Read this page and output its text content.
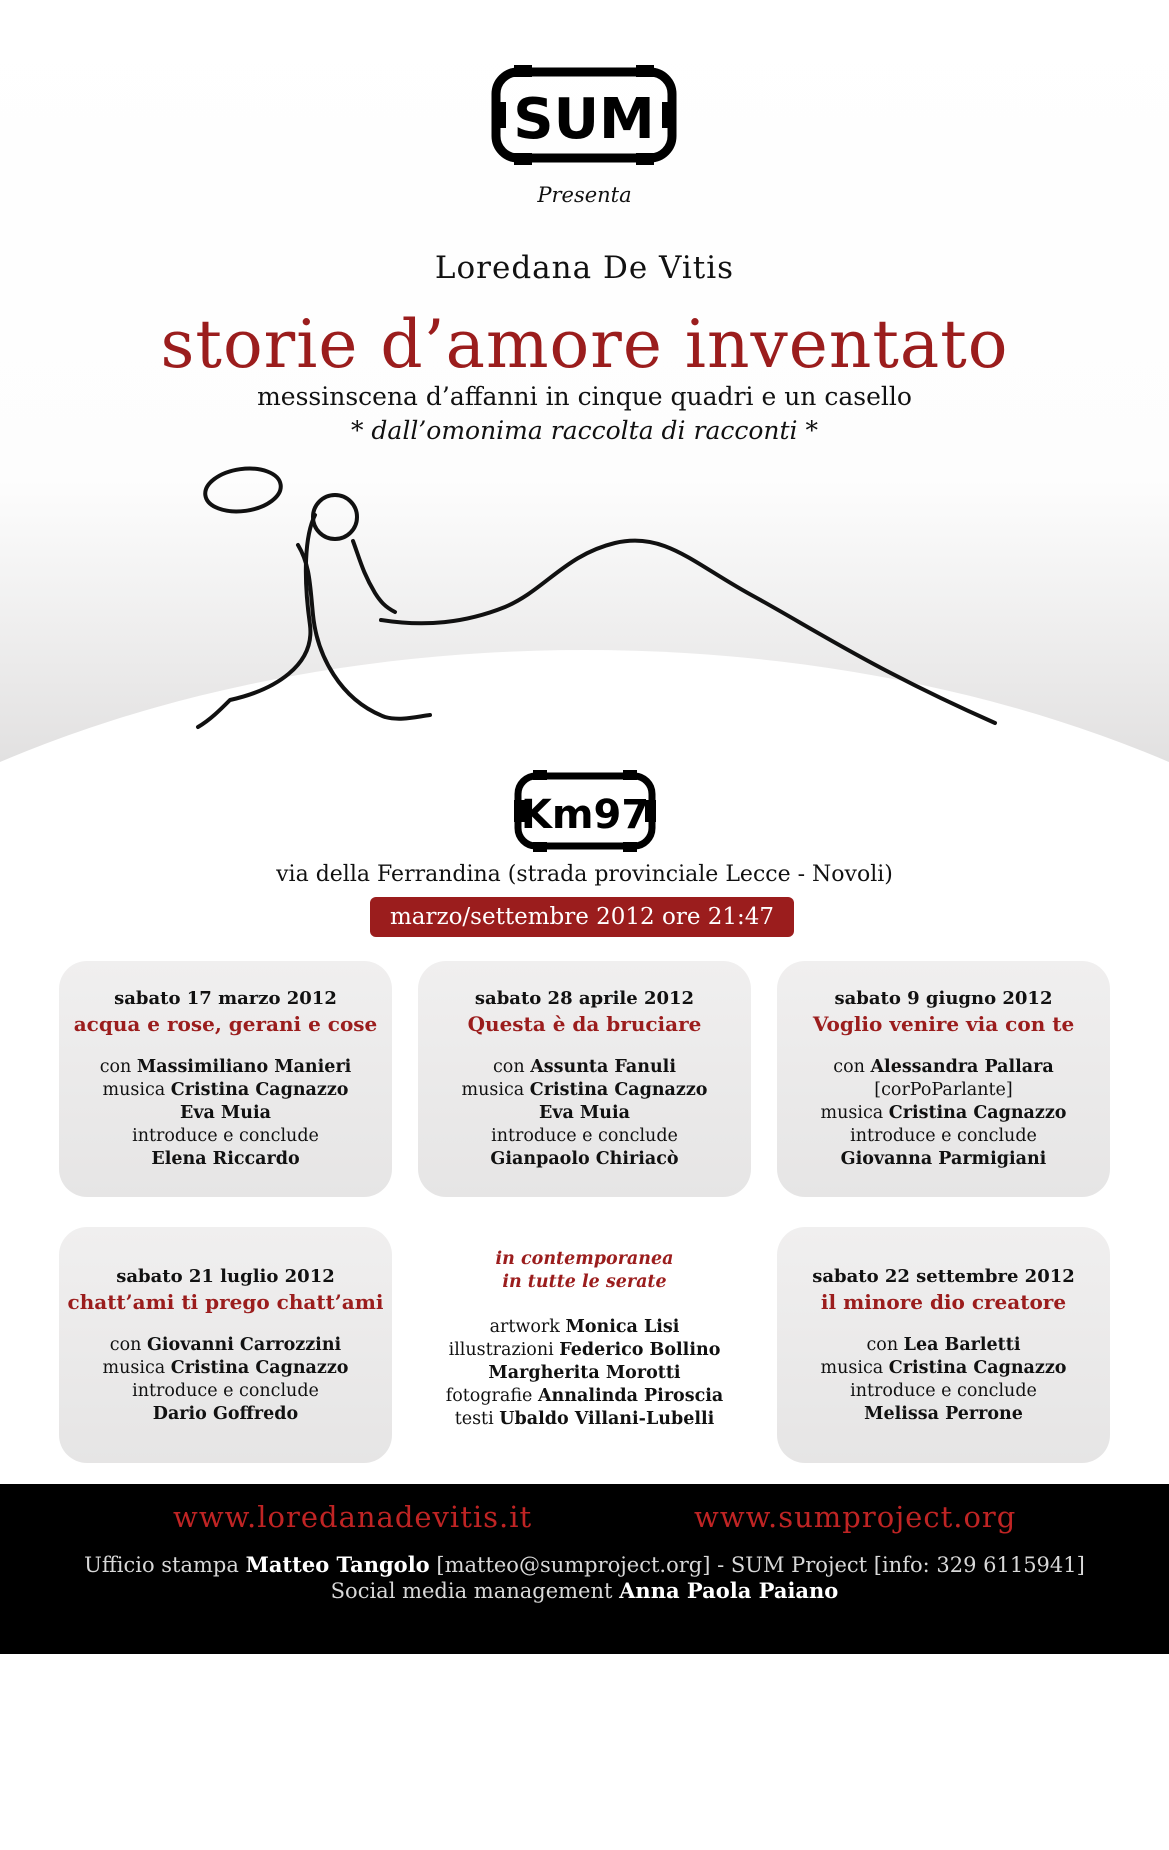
SUM
Presenta
Loredana De Vitis
storie d’amore inventato
messinscena d’affanni in cinque quadri e un casello
* dall’omonima raccolta di racconti *
Km97
via della Ferrandina (strada provinciale Lecce - Novoli)
marzo/settembre 2012 ore 21:47
sabato 17 marzo 2012
acqua e rose, gerani e cose
con Massimiliano Manieri
musica Cristina Cagnazzo
Eva Muia
introduce e conclude
Elena Riccardo
sabato 28 aprile 2012
Questa è da bruciare
con Assunta Fanuli
musica Cristina Cagnazzo
Eva Muia
introduce e conclude
Gianpaolo Chiriacò
sabato 9 giugno 2012
Voglio venire via con te
con Alessandra Pallara
[corPoParlante]
musica Cristina Cagnazzo
introduce e conclude
Giovanna Parmigiani
sabato 21 luglio 2012
chatt’ami ti prego chatt’ami
con Giovanni Carrozzini
musica Cristina Cagnazzo
introduce e conclude
Dario Goffredo
in contemporanea
in tutte le serate
artwork Monica Lisi
illustrazioni Federico Bollino
Margherita Morotti
fotografie Annalinda Piroscia
testi Ubaldo Villani-Lubelli
sabato 22 settembre 2012
il minore dio creatore
con Lea Barletti
musica Cristina Cagnazzo
introduce e conclude
Melissa Perrone
www.loredanadevitis.it	www.sumproject.org
Ufficio stampa Matteo Tangolo [matteo@sumproject.org] - SUM Project [info: 329 6115941]
Social media management Anna Paola Paiano
